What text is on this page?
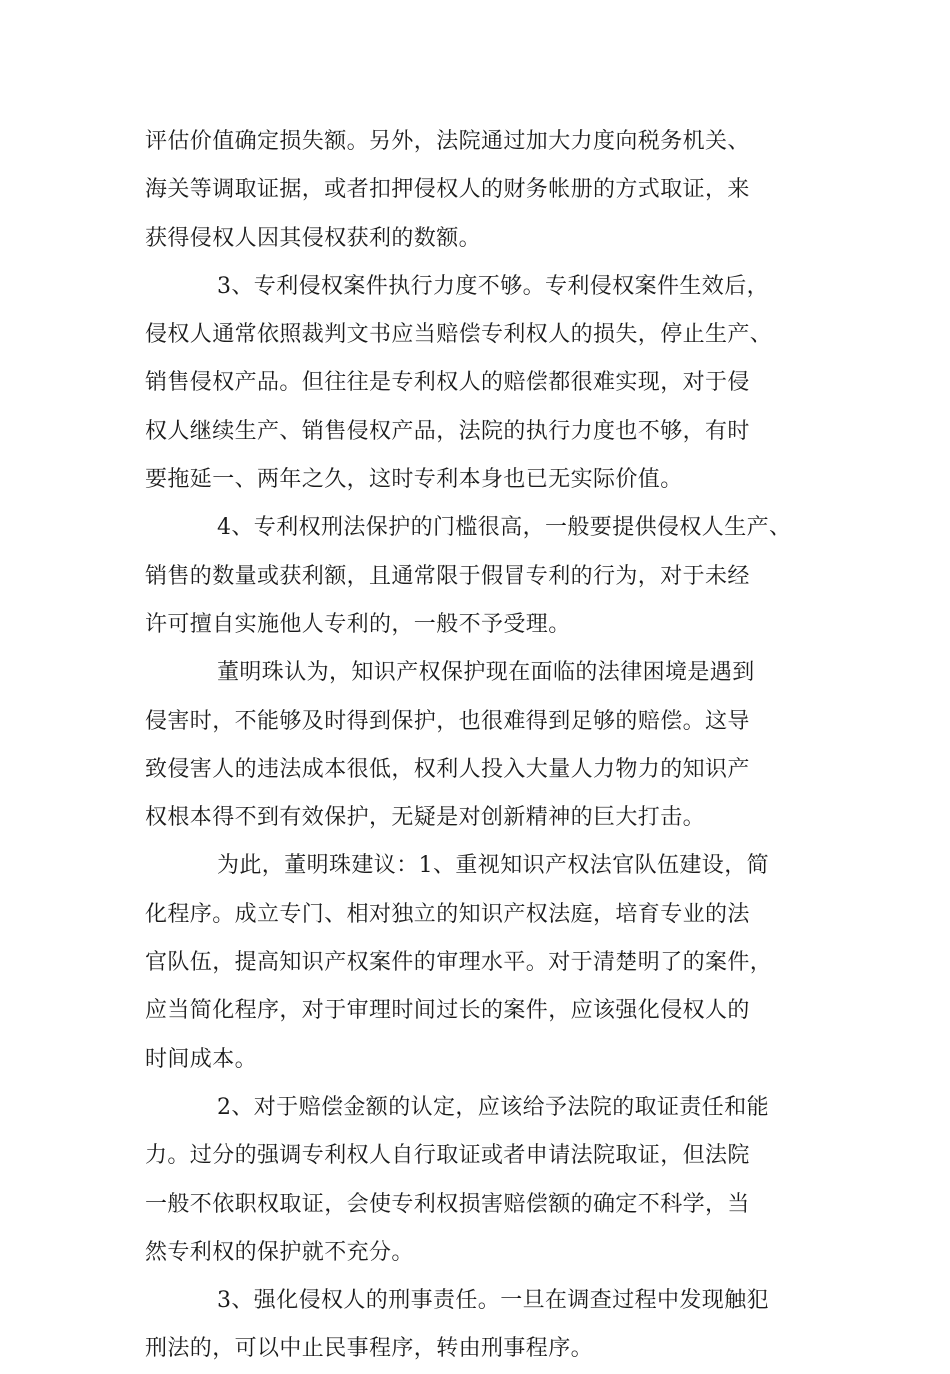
评估价值确定损失额。另外，法院通过加大力度向税务机关、
海关等调取证据，或者扣押侵权人的财务帐册的方式取证，来
获得侵权人因其侵权获利的数额。
3、专利侵权案件执行力度不够。专利侵权案件生效后，
侵权人通常依照裁判文书应当赔偿专利权人的损失，停止生产、
销售侵权产品。但往往是专利权人的赔偿都很难实现，对于侵
权人继续生产、销售侵权产品，法院的执行力度也不够，有时
要拖延一、两年之久，这时专利本身也已无实际价值。
4、专利权刑法保护的门槛很高，一般要提供侵权人生产、
销售的数量或获利额，且通常限于假冒专利的行为，对于未经
许可擅自实施他人专利的，一般不予受理。
董明珠认为，知识产权保护现在面临的法律困境是遇到
侵害时，不能够及时得到保护，也很难得到足够的赔偿。这导
致侵害人的违法成本很低，权利人投入大量人力物力的知识产
权根本得不到有效保护，无疑是对创新精神的巨大打击。
为此，董明珠建议：1、重视知识产权法官队伍建设，简
化程序。成立专门、相对独立的知识产权法庭，培育专业的法
官队伍，提高知识产权案件的审理水平。对于清楚明了的案件，
应当简化程序，对于审理时间过长的案件，应该强化侵权人的
时间成本。
2、对于赔偿金额的认定，应该给予法院的取证责任和能
力。过分的强调专利权人自行取证或者申请法院取证，但法院
一般不依职权取证，会使专利权损害赔偿额的确定不科学，当
然专利权的保护就不充分。
3、强化侵权人的刑事责任。一旦在调查过程中发现触犯
刑法的，可以中止民事程序，转由刑事程序。
